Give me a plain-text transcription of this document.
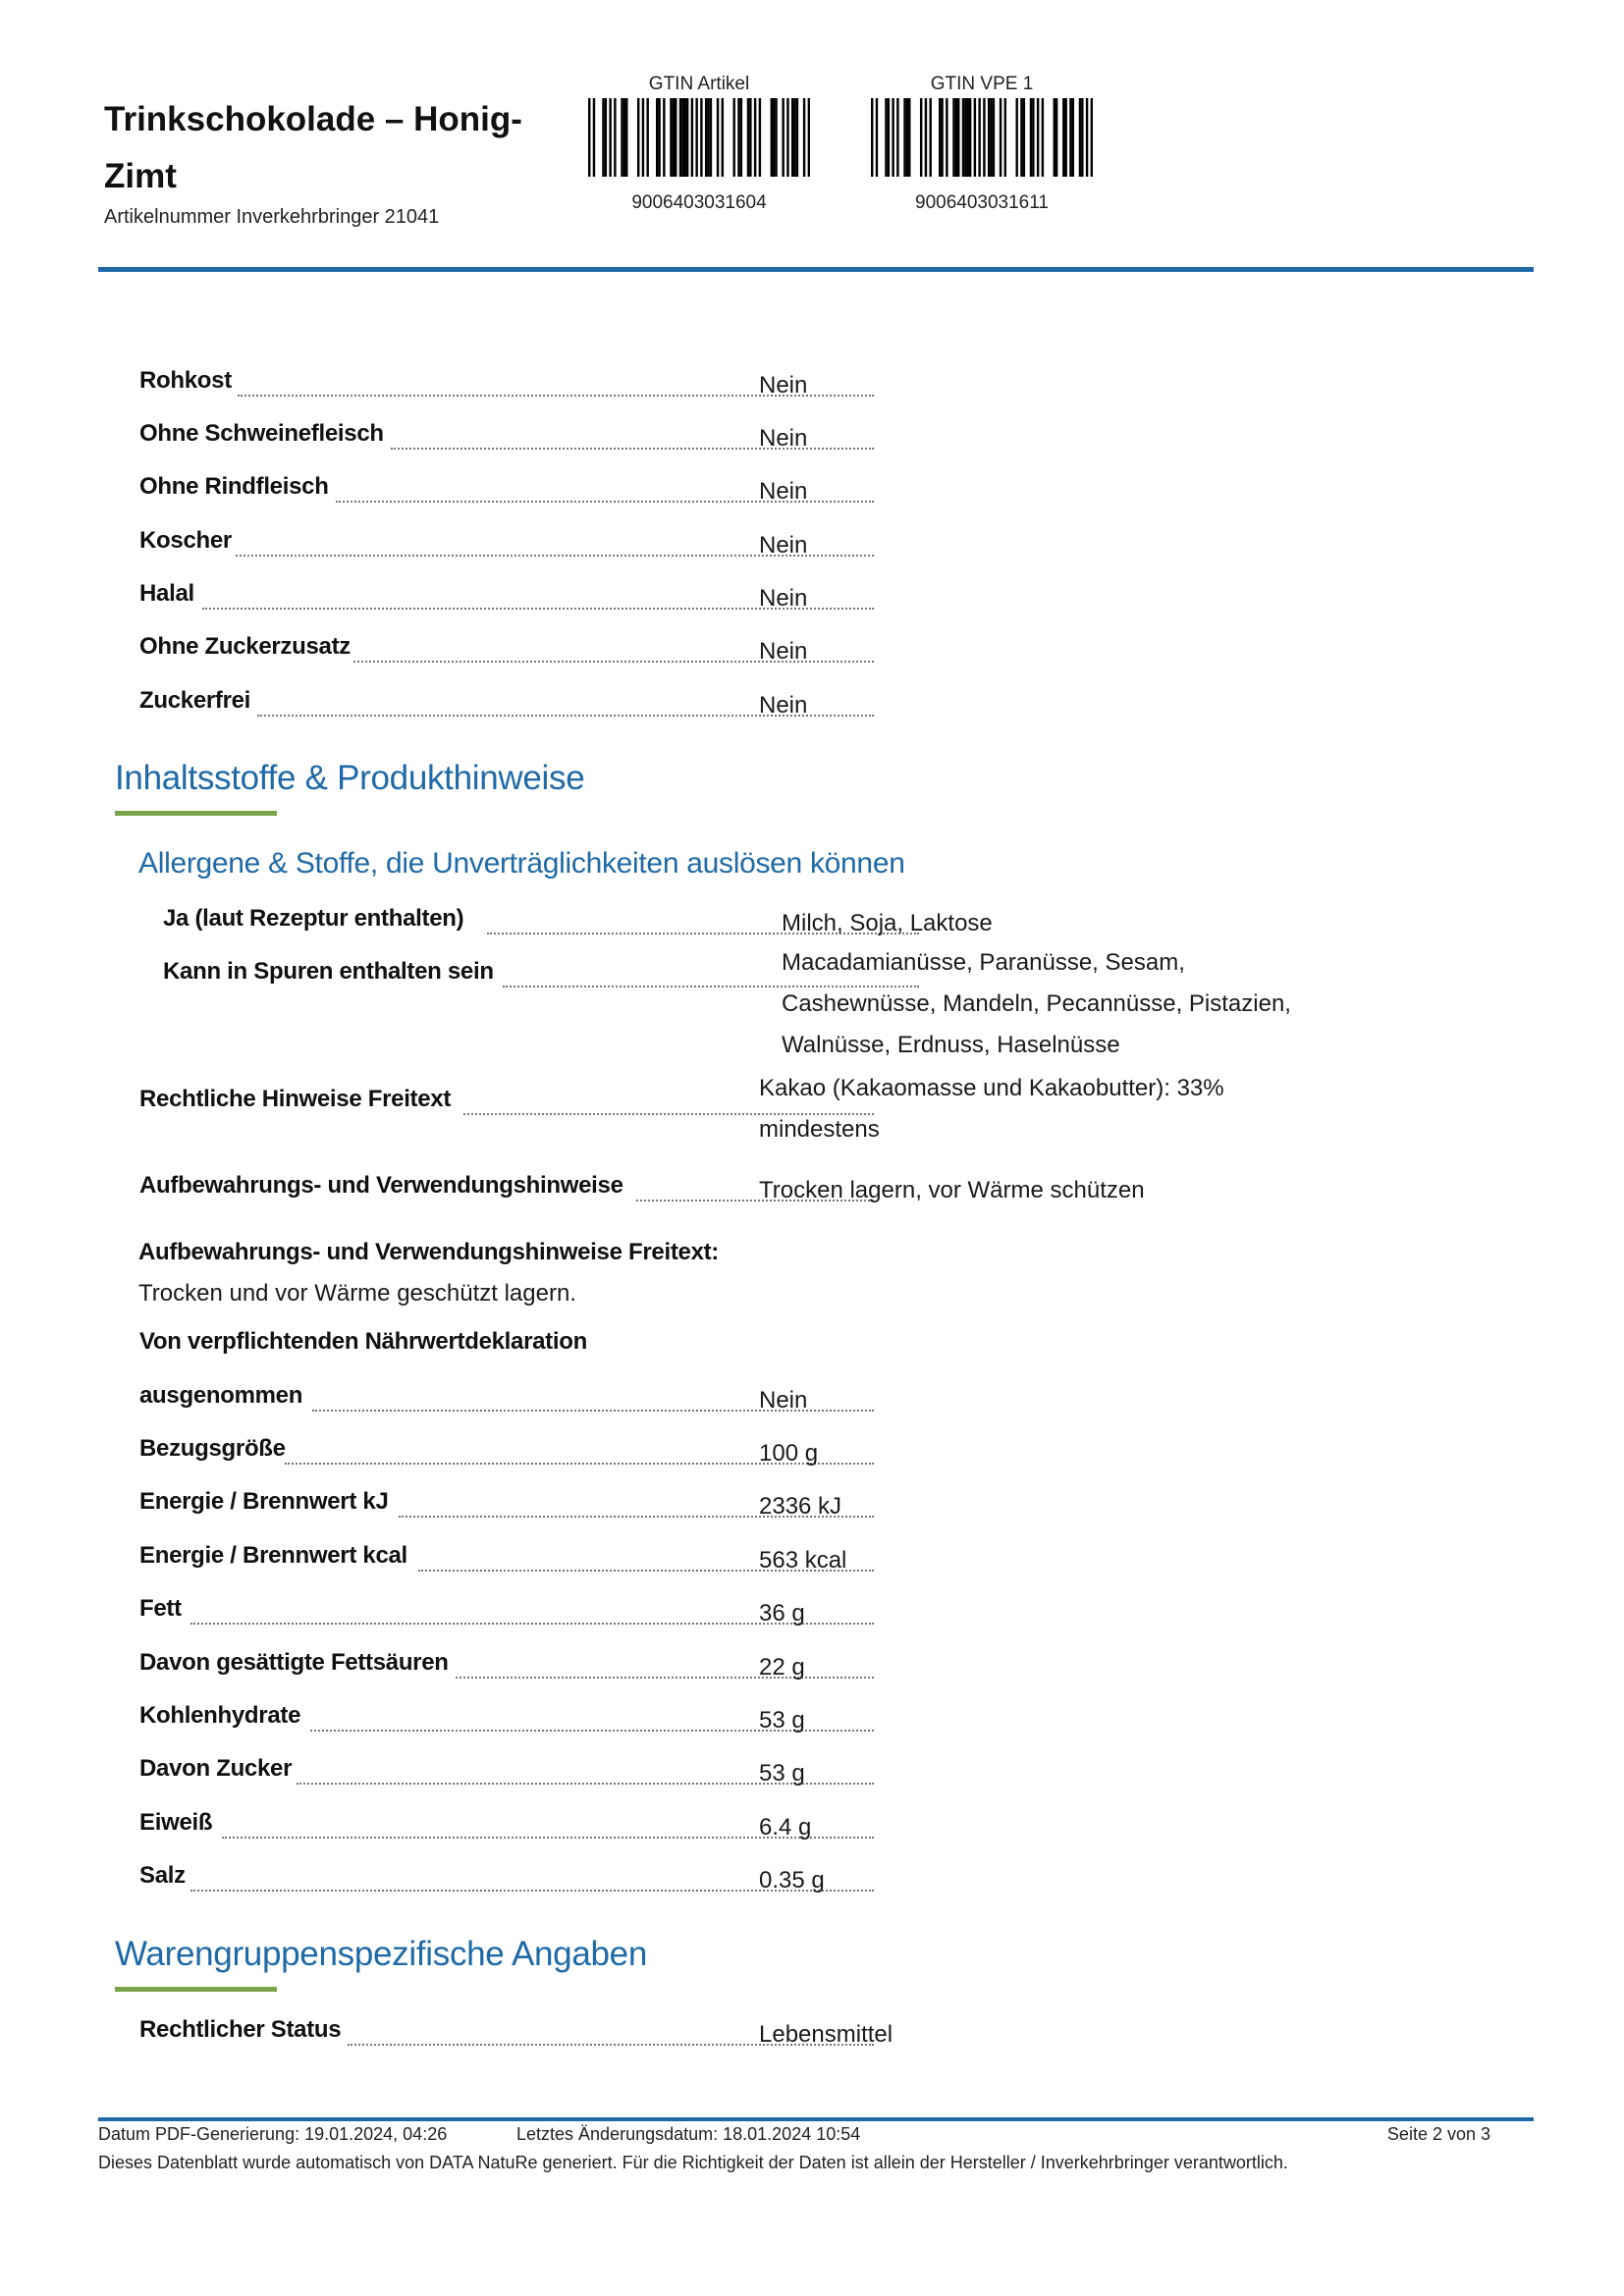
Trinkschokolade – Honig-Zimt
Artikelnummer Inverkehrbringer 21041
GTIN Artikel
9006403031604
GTIN VPE 1
9006403031611
Rohkost	Nein
Ohne Schweinefleisch	Nein
Ohne Rindfleisch	Nein
Koscher	Nein
Halal	Nein
Ohne Zuckerzusatz	Nein
Zuckerfrei	Nein
Inhaltsstoffe & Produkthinweise
Allergene & Stoffe, die Unverträglichkeiten auslösen können
Ja (laut Rezeptur enthalten)	Milch, Soja, Laktose
Kann in Spuren enthalten sein	Macadamianüsse, Paranüsse, Sesam,
Cashewnüsse, Mandeln, Pecannüsse, Pistazien,
Walnüsse, Erdnuss, Haselnüsse
Rechtliche Hinweise Freitext	Kakao (Kakaomasse und Kakaobutter): 33%
mindestens
Aufbewahrungs- und Verwendungshinweise	Trocken lagern, vor Wärme schützen
Aufbewahrungs- und Verwendungshinweise Freitext:
Trocken und vor Wärme geschützt lagern.
Von verpflichtenden Nährwertdeklaration
ausgenommen	Nein
Bezugsgröße	100 g
Energie / Brennwert kJ	2336 kJ
Energie / Brennwert kcal	563 kcal
Fett	36 g
Davon gesättigte Fettsäuren	22 g
Kohlenhydrate	53 g
Davon Zucker	53 g
Eiweiß	6.4 g
Salz	0.35 g
Warengruppenspezifische Angaben
Rechtlicher Status	Lebensmittel
Datum PDF-Generierung: 19.01.2024, 04:26	Letztes Änderungsdatum: 18.01.2024 10:54	Seite 2 von 3
Dieses Datenblatt wurde automatisch von DATA NatuRe generiert. Für die Richtigkeit der Daten ist allein der Hersteller / Inverkehrbringer verantwortlich.
